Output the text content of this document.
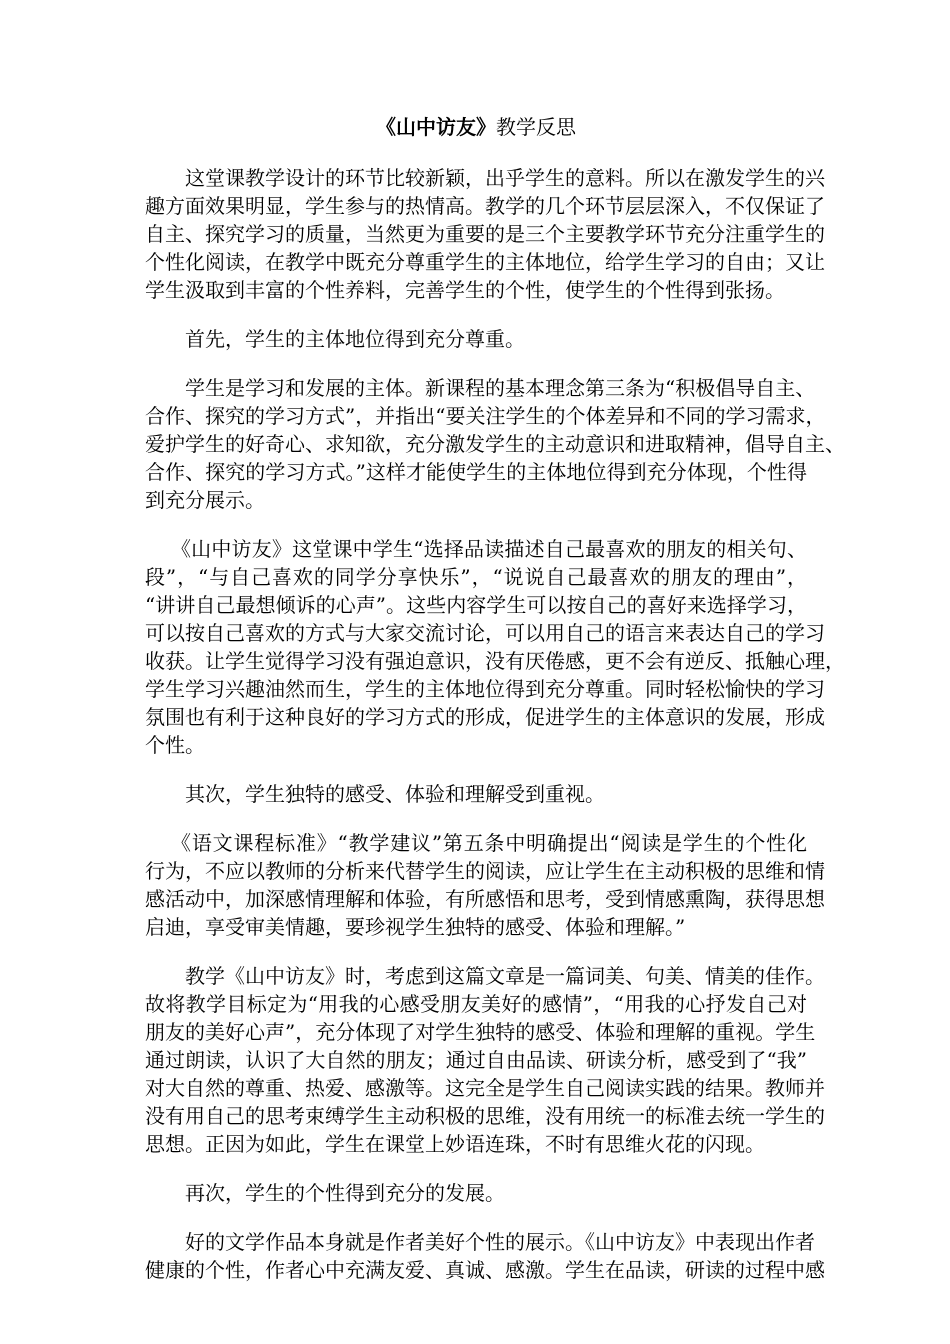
《山中访友》教学反思
这堂课教学设计的环节比较新颖，出乎学生的意料。所以在激发学生的兴
趣方面效果明显，学生参与的热情高。教学的几个环节层层深入，不仅保证了
自主、探究学习的质量，当然更为重要的是三个主要教学环节充分注重学生的
个性化阅读，在教学中既充分尊重学生的主体地位，给学生学习的自由；又让
学生汲取到丰富的个性养料，完善学生的个性，使学生的个性得到张扬。
首先，学生的主体地位得到充分尊重。
学生是学习和发展的主体。新课程的基本理念第三条为“积极倡导自主、
合作、探究的学习方式”，并指出“要关注学生的个体差异和不同的学习需求，
爱护学生的好奇心、求知欲，充分激发学生的主动意识和进取精神，倡导自主、
合作、探究的学习方式。”这样才能使学生的主体地位得到充分体现，个性得
到充分展示。
《山中访友》这堂课中学生“选择品读描述自己最喜欢的朋友的相关句、
段”，“与自己喜欢的同学分享快乐”，“说说自己最喜欢的朋友的理由”，
“讲讲自己最想倾诉的心声”。这些内容学生可以按自己的喜好来选择学习，
可以按自己喜欢的方式与大家交流讨论，可以用自己的语言来表达自己的学习
收获。让学生觉得学习没有强迫意识，没有厌倦感，更不会有逆反、抵触心理，
学生学习兴趣油然而生，学生的主体地位得到充分尊重。同时轻松愉快的学习
氛围也有利于这种良好的学习方式的形成，促进学生的主体意识的发展，形成
个性。
其次，学生独特的感受、体验和理解受到重视。
《语文课程标准》“教学建议”第五条中明确提出“阅读是学生的个性化
行为，不应以教师的分析来代替学生的阅读，应让学生在主动积极的思维和情
感活动中，加深感情理解和体验，有所感悟和思考，受到情感熏陶，获得思想
启迪，享受审美情趣，要珍视学生独特的感受、体验和理解。”
教学《山中访友》时，考虑到这篇文章是一篇词美、句美、情美的佳作。
故将教学目标定为“用我的心感受朋友美好的感情”，“用我的心抒发自己对
朋友的美好心声”，充分体现了对学生独特的感受、体验和理解的重视。学生
通过朗读，认识了大自然的朋友；通过自由品读、研读分析，感受到了“我”
对大自然的尊重、热爱、感激等。这完全是学生自己阅读实践的结果。教师并
没有用自己的思考束缚学生主动积极的思维，没有用统一的标准去统一学生的
思想。正因为如此，学生在课堂上妙语连珠，不时有思维火花的闪现。
再次，学生的个性得到充分的发展。
好的文学作品本身就是作者美好个性的展示。《山中访友》中表现出作者
健康的个性，作者心中充满友爱、真诚、感激。学生在品读，研读的过程中感
